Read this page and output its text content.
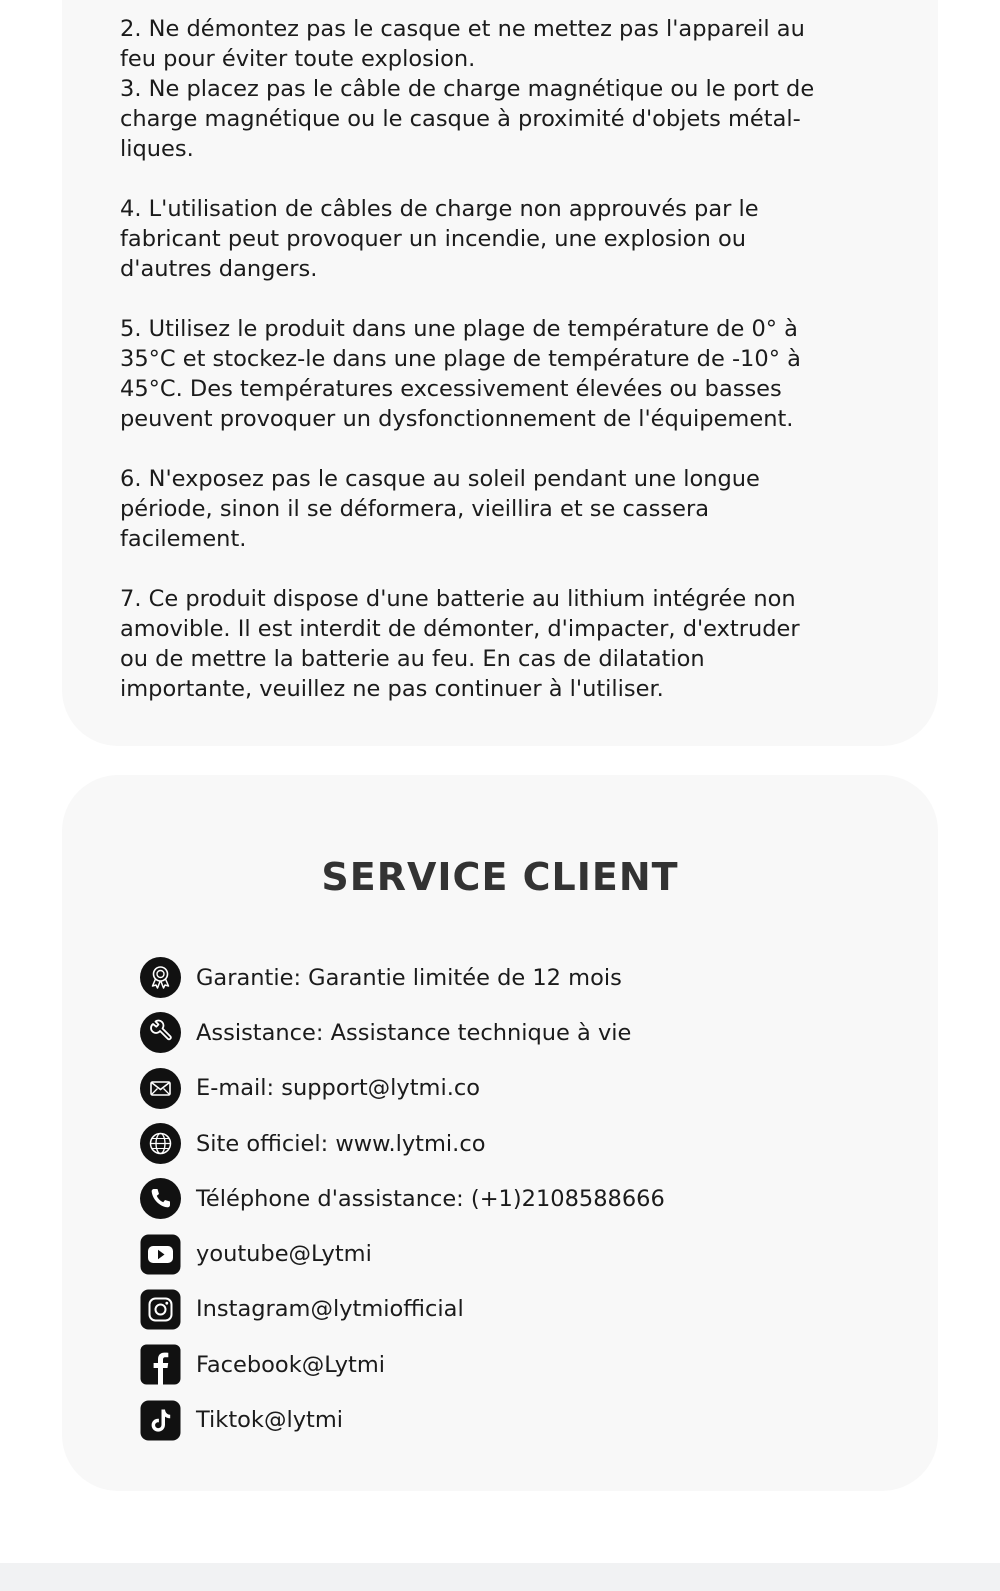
2. Ne démontez pas le casque et ne mettez pas l'appareil au
feu pour éviter toute explosion.

3. Ne placez pas le câble de charge magnétique ou le port de
charge magnétique ou le casque à proximité d'objets métal-
liques.

4. L'utilisation de câbles de charge non approuvés par le
fabricant peut provoquer un incendie, une explosion ou
d'autres dangers.

5. Utilisez le produit dans une plage de température de 0° à
35°C et stockez-le dans une plage de température de -10° à
45°C. Des températures excessivement élevées ou basses
peuvent provoquer un dysfonctionnement de l'équipement.

6. N'exposez pas le casque au soleil pendant une longue
période, sinon il se déformera, vieillira et se cassera
facilement.

7. Ce produit dispose d'une batterie au lithium intégrée non
amovible. Il est interdit de démonter, d'impacter, d'extruder
ou de mettre la batterie au feu. En cas de dilatation
importante, veuillez ne pas continuer à l'utiliser.

SERVICE CLIENT
Garantie: Garantie limitée de 12 mois
Assistance: Assistance technique à vie
E-mail: support@lytmi.co
Site officiel: www.lytmi.co
Téléphone d'assistance: (+1)2108588666
youtube@Lytmi
Instagram@lytmiofficial
Facebook@Lytmi
Tiktok@lytmi
